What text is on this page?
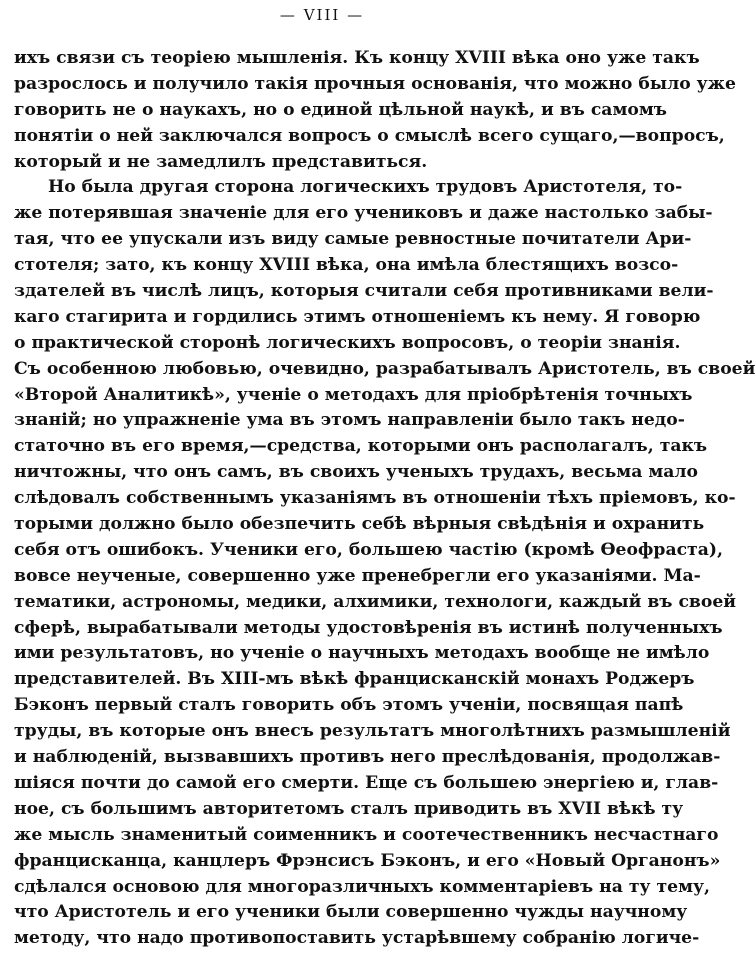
— VIII —
ихъ связи съ теоріею мышленія. Къ концу XVIII вѣка оно уже такъ
разрослось и получило такія прочныя основанія, что можно было уже
говорить не о наукахъ, но о единой цѣльной наукѣ, и въ самомъ
понятіи о ней заключался вопросъ о смыслѣ всего сущаго,—вопросъ,
который и не замедлилъ представиться.
Но была другая сторона логическихъ трудовъ Аристотеля, то-
же потерявшая значеніе для его учениковъ и даже настолько забы-
тая, что ее упускали изъ виду самые ревностные почитатели Ари-
стотеля; зато, къ концу XVIII вѣка, она имѣла блестящихъ возсо-
здателей въ числѣ лицъ, которыя считали себя противниками вели-
каго стагирита и гордились этимъ отношеніемъ къ нему. Я говорю
о практической сторонѣ логическихъ вопросовъ, о теоріи знанія.
Съ особенною любовью, очевидно, разрабатывалъ Аристотель, въ своей
«Второй Аналитикѣ», ученіе о методахъ для пріобрѣтенія точныхъ
знаній; но упражненіе ума въ этомъ направленіи было такъ недо-
статочно въ его время,—средства, которыми онъ располагалъ, такъ
ничтожны, что онъ самъ, въ своихъ ученыхъ трудахъ, весьма мало
слѣдовалъ собственнымъ указаніямъ въ отношеніи тѣхъ пріемовъ, ко-
торыми должно было обезпечить себѣ вѣрныя свѣдѣнія и охранить
себя отъ ошибокъ. Ученики его, большею частію (кромѣ Өеофраста),
вовсе неученые, совершенно уже пренебрегли его указаніями. Ма-
тематики, астрономы, медики, алхимики, технологи, каждый въ своей
сферѣ, вырабатывали методы удостовѣренія въ истинѣ полученныхъ
ими результатовъ, но ученіе о научныхъ методахъ вообще не имѣло
представителей. Въ XIII-мъ вѣкѣ францисканскій монахъ Роджеръ
Бэконъ первый сталъ говорить объ этомъ ученіи, посвящая папѣ
труды, въ которые онъ внесъ результатъ многолѣтнихъ размышленій
и наблюденій, вызвавшихъ противъ него преслѣдованія, продолжав-
шіяся почти до самой его смерти. Еще съ большею энергіею и, глав-
ное, съ большимъ авторитетомъ сталъ приводить въ XVII вѣкѣ ту
же мысль знаменитый соименникъ и соотечественникъ несчастнаго
францисканца, канцлеръ Фрэнсисъ Бэконъ, и его «Новый Органонъ»
сдѣлался основою для многоразличныхъ комментаріевъ на ту тему,
что Аристотель и его ученики были совершенно чужды научному
методу, что надо противопоставить устарѣвшему собранію логиче-
